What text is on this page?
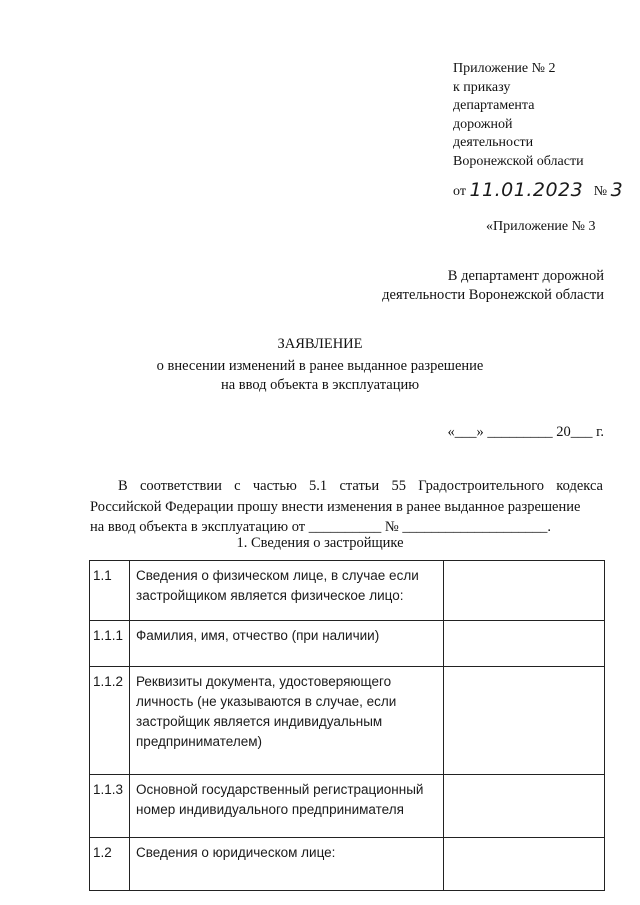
Приложение № 2
к приказу
департамента
дорожной
деятельности
Воронежской области
от 11.01.2023 № 3
«Приложение № 3
В департамент дорожной
деятельности Воронежской области
ЗАЯВЛЕНИЕ
о внесении изменений в ранее выданное разрешение
на ввод объекта в эксплуатацию
«___» _________ 20___ г.

В соответствии с частью 5.1 статьи 55 Градостроительного кодекса Российской Федерации прошу внести изменения в ранее выданное разрешение

на ввод объекта в эксплуатацию от __________ № ____________________.

1. Сведения о застройщике
1.1	Сведения о физическом лице, в случае если застройщиком является физическое лицо:	
1.1.1	Фамилия, имя, отчество (при наличии)	
1.1.2	Реквизиты документа, удостоверяющего личность (не указываются в случае, если застройщик является индивидуальным предпринимателем)	
1.1.3	Основной государственный регистрационный номер индивидуального предпринимателя	
1.2	Сведения о юридическом лице:	
